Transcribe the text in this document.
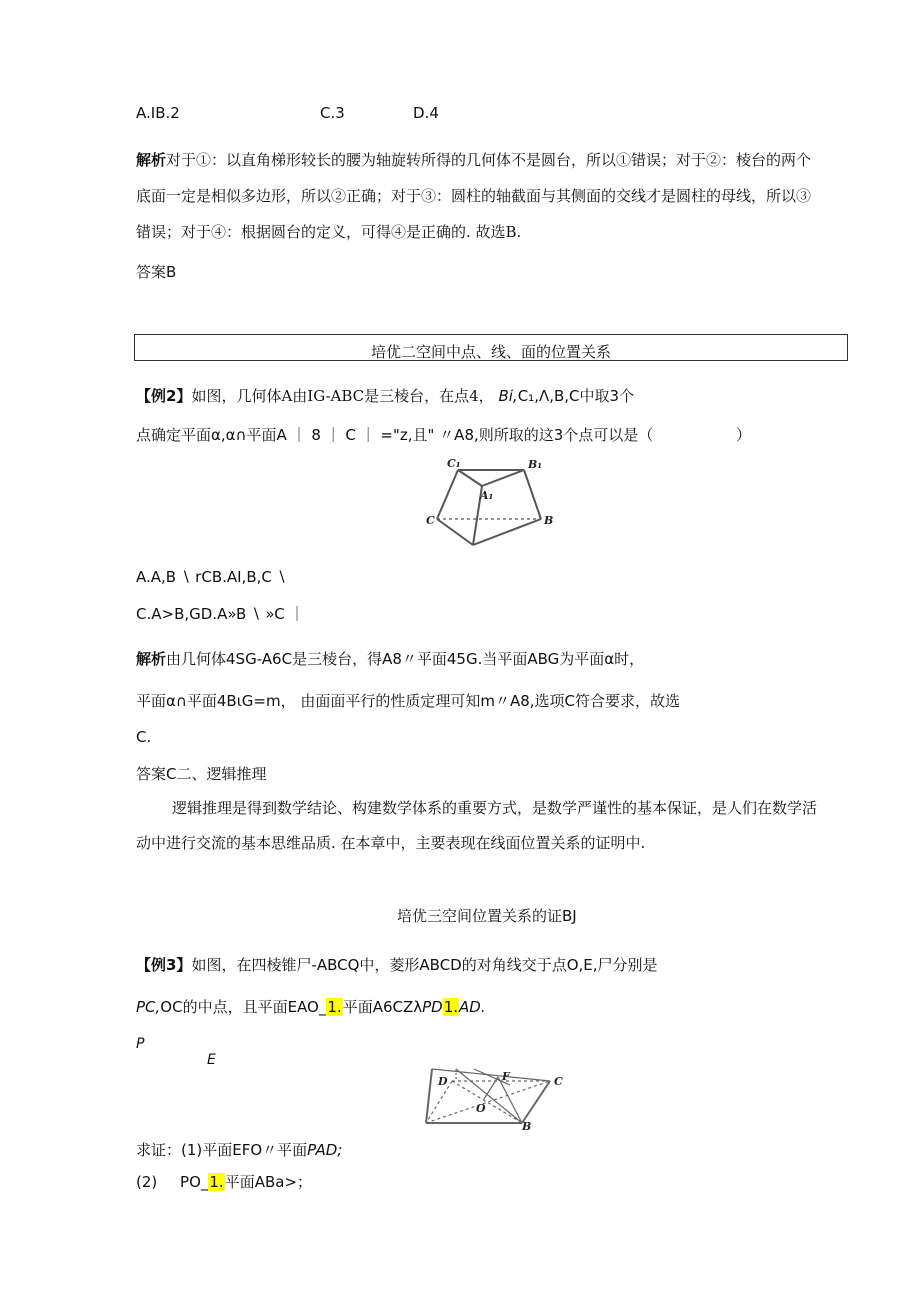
A.IB.2	C.3	D.4
解析对于①：以直角梯形较长的腰为轴旋转所得的几何体不是圆台，所以①错误；对于②：棱台的两个
底面一定是相似多边形，所以②正确；对于③：圆柱的轴截面与其侧面的交线才是圆柱的母线，所以③
错误；对于④：根据圆台的定义，可得④是正确的. 故选B.
答案B
培优二空间中点、线、面的位置关系
【例2】如图，几何体A由IG-ABC是三棱台，在点4， Bi,C₁,Λ,B,C中取3个
点确定平面α,α∩平面A ｜ 8 ｜ C ｜ ="z,且" 〃A8,则所取的这3个点可以是（	）
C₁	B₁
A₁
C	B
A.A,B ∖ rCB.AI,B,C ∖
C.A>B,GD.A»B ∖ »C ｜
解析由几何体4SG-A6C是三棱台，得A8〃平面45G.当平面ABG为平面α时，
平面α∩平面4BιG=m， 由面面平行的性质定理可知m〃A8,选项C符合要求，故选
C.
答案C二、逻辑推理
逻辑推理是得到数学结论、构建数学体系的重要方式，是数学严谨性的基本保证，是人们在数学活
动中进行交流的基本思维品质. 在本章中，主要表现在线面位置关系的证明中.
培优三空间位置关系的证BJ
【例3】如图，在四棱锥尸-ABCQ中，菱形ABCD的对角线交于点O,E,尸分别是
PC,OC的中点，且平面EAO_1.平面A6CZλPD1.AD.
P
E
D	F	C
O
B
求证：(1)平面EFO〃平面PAD;
(2) PO_1.平面ABa>；
